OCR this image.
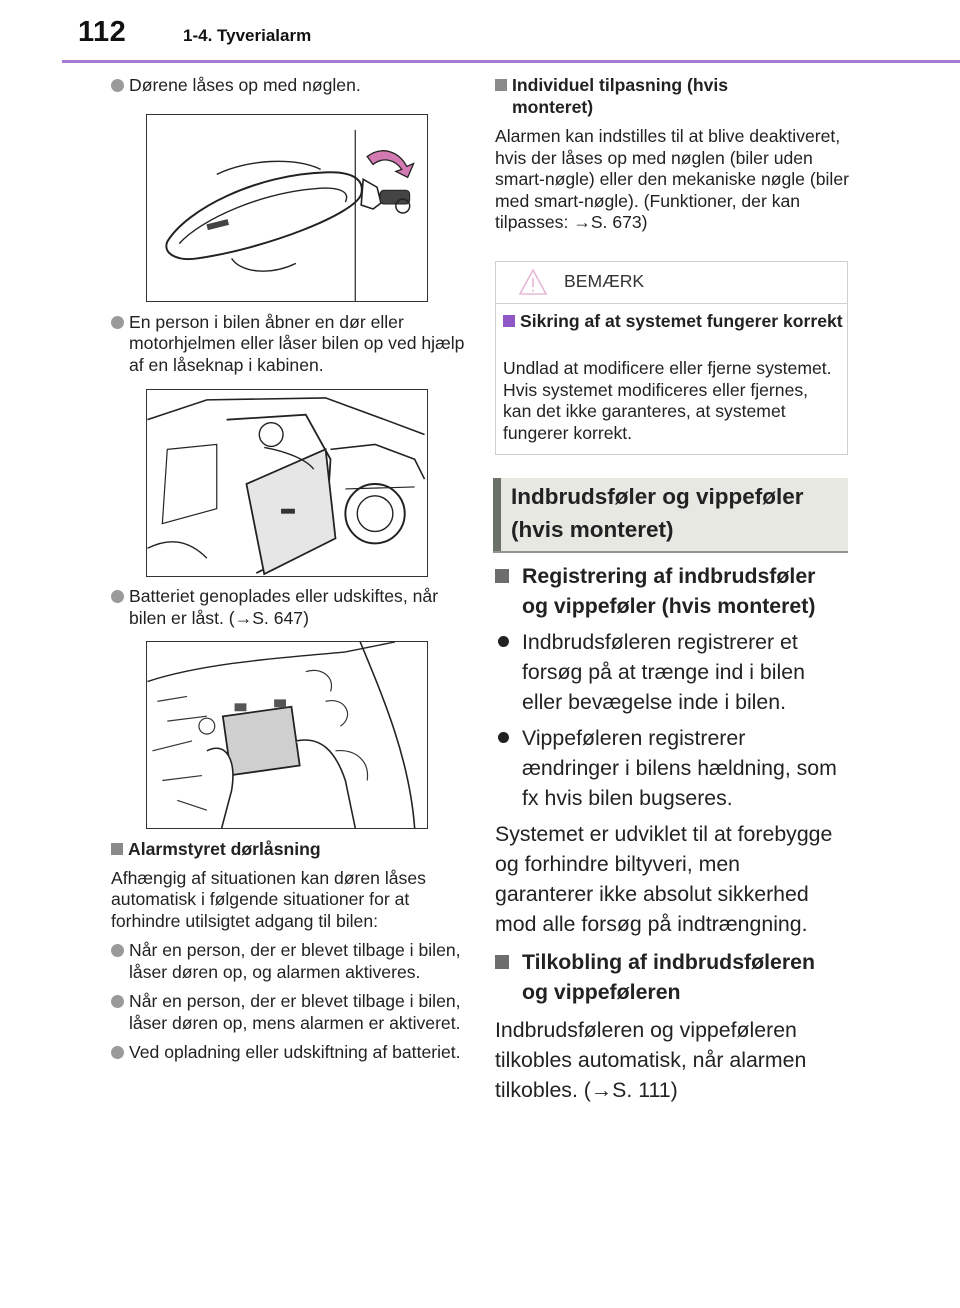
112	1-4. Tyverialarm

Dørene låses op med nøglen.

En person i bilen åbner en dør eller motorhjelmen eller låser bilen op ved hjælp af en låseknap i kabinen.

Batteriet genoplades eller udskiftes, når bilen er låst. (→S. 647)

Alarmstyret dørlåsning

Afhængig af situationen kan døren låses automatisk i følgende situationer for at forhindre utilsigtet adgang til bilen:

Når en person, der er blevet tilbage i bilen, låser døren op, og alarmen aktiveres.

Når en person, der er blevet tilbage i bilen, låser døren op, mens alarmen er aktiveret.

Ved opladning eller udskiftning af batteriet.

Individuel tilpasning (hvis monteret)

Alarmen kan indstilles til at blive deaktiveret, hvis der låses op med nøglen (biler uden smart-nøgle) eller den mekaniske nøgle (biler med smart-nøgle). (Funktioner, der kan tilpasses: →S. 673)

BEMÆRK

Sikring af at systemet fungerer korrekt

Undlad at modificere eller fjerne systemet. Hvis systemet modificeres eller fjernes, kan det ikke garanteres, at systemet fungerer korrekt.

Indbrudsføler og vippeføler (hvis monteret)

Registrering af indbrudsføler og vippeføler (hvis monteret)

Indbrudsføleren registrerer et forsøg på at trænge ind i bilen eller bevægelse inde i bilen.

Vippeføleren registrerer ændringer i bilens hældning, som fx hvis bilen bugseres.

Systemet er udviklet til at forebygge og forhindre biltyveri, men garanterer ikke absolut sikkerhed mod alle forsøg på indtrængning.

Tilkobling af indbrudsføleren og vippeføleren

Indbrudsføleren og vippeføleren tilkobles automatisk, når alarmen tilkobles. (→S. 111)
